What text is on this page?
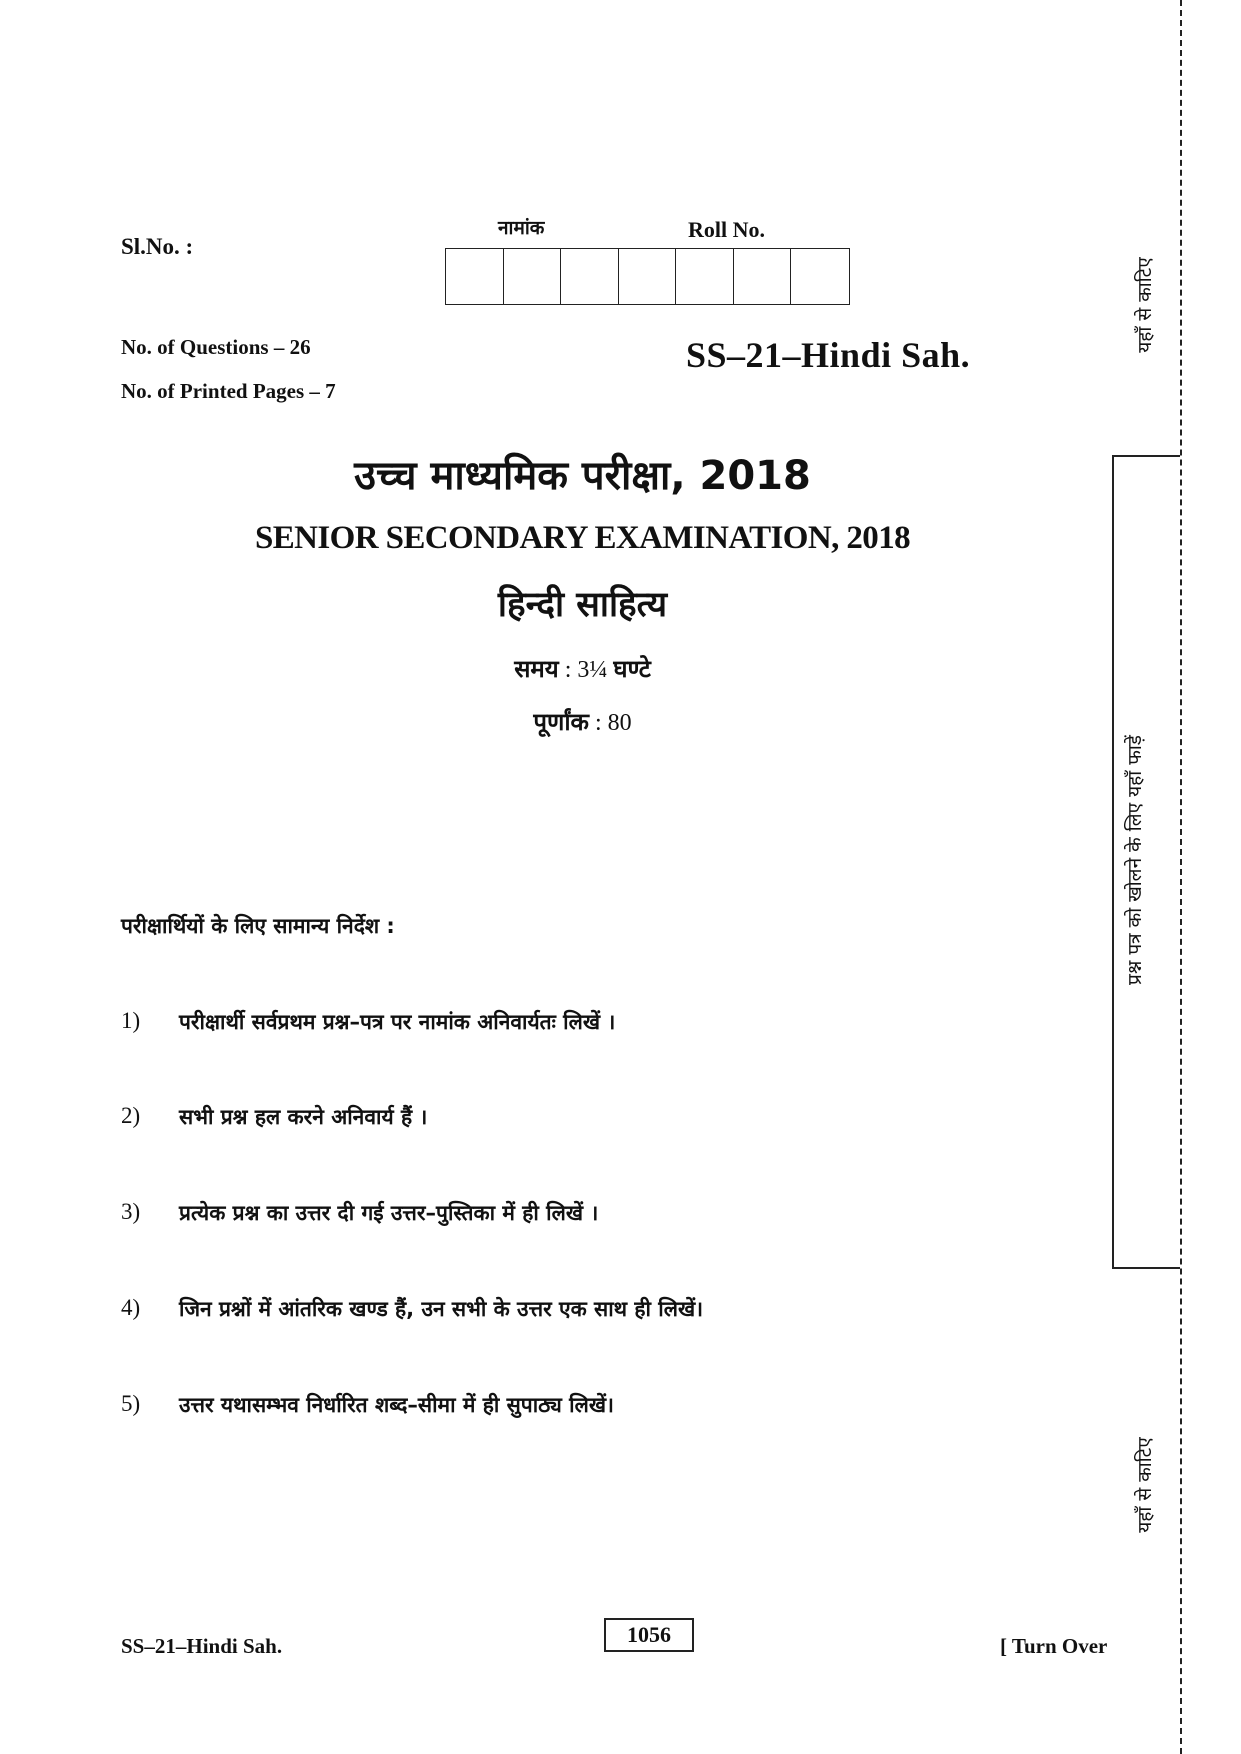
Sl.No. :
नामांक	Roll No.
No. of Questions – 26
No. of Printed Pages – 7
SS–21–Hindi Sah.
उच्च माध्यमिक परीक्षा, 2018
SENIOR SECONDARY EXAMINATION, 2018
हिन्दी साहित्य
समय : 3¼ घण्टे
पूर्णांक : 80
परीक्षार्थियों के लिए सामान्य निर्देश :
1)	परीक्षार्थी सर्वप्रथम प्रश्न–पत्र पर नामांक अनिवार्यतः लिखें ।
2)	सभी प्रश्न हल करने अनिवार्य हैं ।
3)	प्रत्येक प्रश्न का उत्तर दी गई उत्तर–पुस्तिका में ही लिखें ।
4)	जिन प्रश्नों में आंतरिक खण्ड हैं, उन सभी के उत्तर एक साथ ही लिखें।
5)	उत्तर यथासम्भव निर्धारित शब्द–सीमा में ही सुपाठ्य लिखें।
यहाँ से काटिए
प्रश्न पत्र को खोलने के लिए यहाँ फाड़ें
यहाँ से काटिए
SS–21–Hindi Sah.	1056	[ Turn Over
